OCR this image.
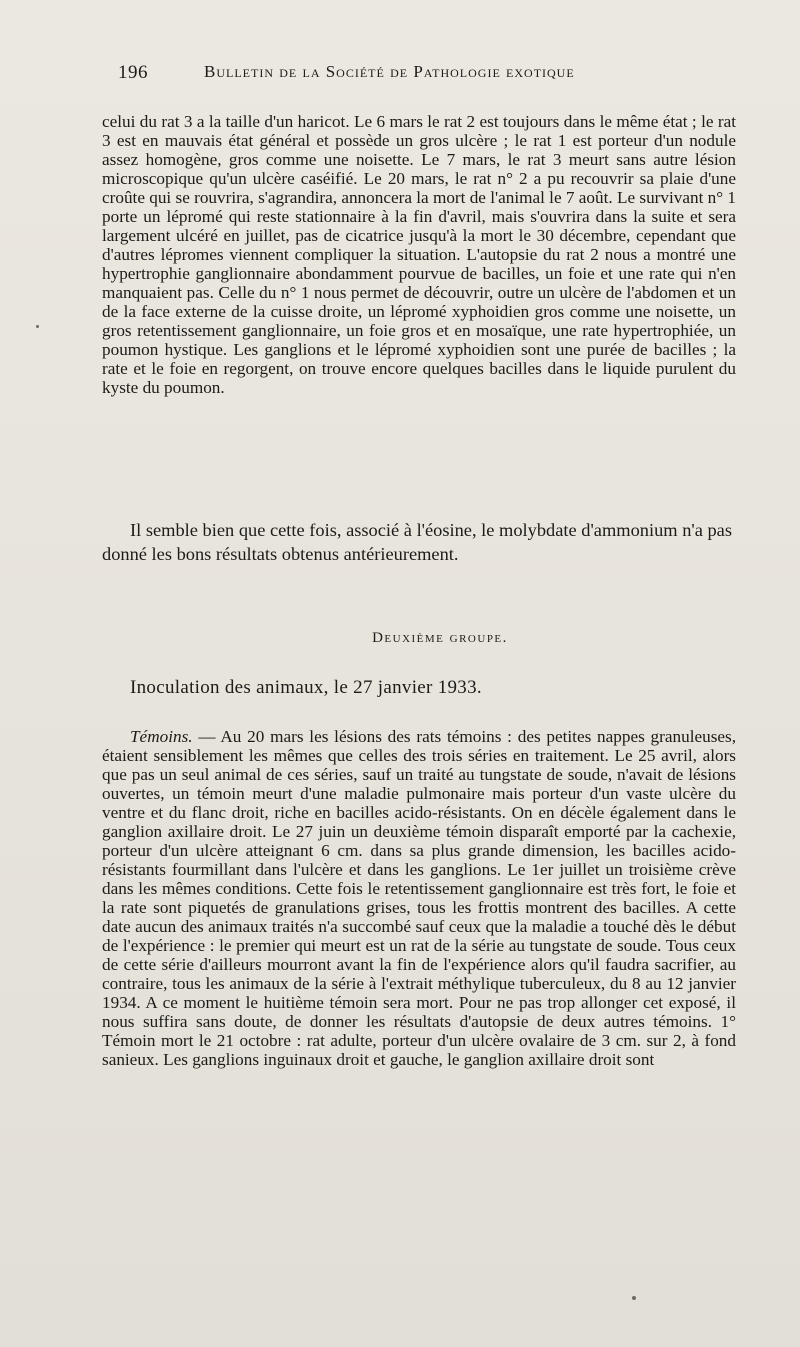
196	Bulletin de la Société de Pathologie exotique

celui du rat 3 a la taille d'un haricot. Le 6 mars le rat 2 est toujours dans le même état ; le rat 3 est en mauvais état général et possède un gros ulcère ; le rat 1 est porteur d'un nodule assez homogène, gros comme une noisette. Le 7 mars, le rat 3 meurt sans autre lésion microscopique qu'un ulcère caséifié. Le 20 mars, le rat n° 2 a pu recouvrir sa plaie d'une croûte qui se rouvrira, s'agrandira, annoncera la mort de l'animal le 7 août. Le survivant n° 1 porte un lépromé qui reste stationnaire à la fin d'avril, mais s'ouvrira dans la suite et sera largement ulcéré en juillet, pas de cicatrice jusqu'à la mort le 30 décembre, cependant que d'autres lépromes viennent compliquer la situation. L'autopsie du rat 2 nous a montré une hypertrophie ganglionnaire abondamment pourvue de bacilles, un foie et une rate qui n'en manquaient pas. Celle du n° 1 nous permet de découvrir, outre un ulcère de l'abdomen et un de la face externe de la cuisse droite, un lépromé xyphoidien gros comme une noisette, un gros retentissement ganglionnaire, un foie gros et en mosaïque, une rate hypertrophiée, un poumon hystique. Les ganglions et le lépromé xyphoidien sont une purée de bacilles ; la rate et le foie en regorgent, on trouve encore quelques bacilles dans le liquide purulent du kyste du poumon.

Il semble bien que cette fois, associé à l'éosine, le molybdate d'ammonium n'a pas donné les bons résultats obtenus antérieurement.

Deuxième groupe.
Inoculation des animaux, le 27 janvier 1933.

Témoins. — Au 20 mars les lésions des rats témoins : des petites nappes granuleuses, étaient sensiblement les mêmes que celles des trois séries en traitement. Le 25 avril, alors que pas un seul animal de ces séries, sauf un traité au tungstate de soude, n'avait de lésions ouvertes, un témoin meurt d'une maladie pulmonaire mais porteur d'un vaste ulcère du ventre et du flanc droit, riche en bacilles acido-résistants. On en décèle également dans le ganglion axillaire droit. Le 27 juin un deuxième témoin disparaît emporté par la cachexie, porteur d'un ulcère atteignant 6 cm. dans sa plus grande dimension, les bacilles acido-résistants fourmillant dans l'ulcère et dans les ganglions. Le 1er juillet un troisième crève dans les mêmes conditions. Cette fois le retentissement ganglionnaire est très fort, le foie et la rate sont piquetés de granulations grises, tous les frottis montrent des bacilles. A cette date aucun des animaux traités n'a succombé sauf ceux que la maladie a touché dès le début de l'expérience : le premier qui meurt est un rat de la série au tungstate de soude. Tous ceux de cette série d'ailleurs mourront avant la fin de l'expérience alors qu'il faudra sacrifier, au contraire, tous les animaux de la série à l'extrait méthylique tuberculeux, du 8 au 12 janvier 1934. A ce moment le huitième témoin sera mort. Pour ne pas trop allonger cet exposé, il nous suffira sans doute, de donner les résultats d'autopsie de deux autres témoins. 1° Témoin mort le 21 octobre : rat adulte, porteur d'un ulcère ovalaire de 3 cm. sur 2, à fond sanieux. Les ganglions inguinaux droit et gauche, le ganglion axillaire droit sont
